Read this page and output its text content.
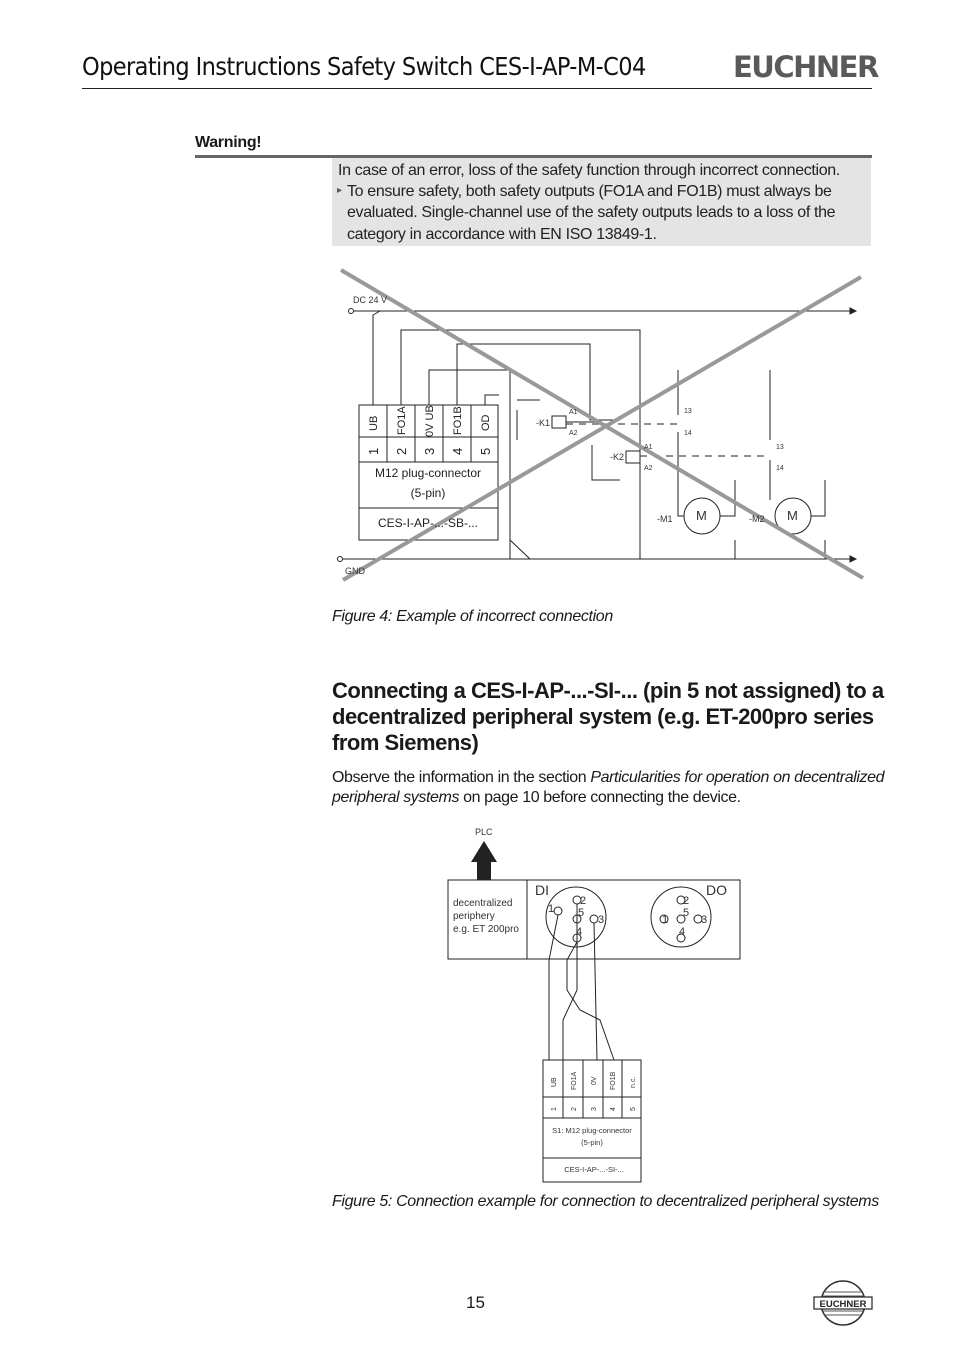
Operating Instructions Safety Switch CES-I-AP-M-C04	EUCHNER
Warning!
In case of an error, loss of the safety function through incorrect connection.
▸ To ensure safety, both safety outputs (FO1A and FO1B) must always be
evaluated. Single-channel use of the safety outputs leads to a loss of the
category in accordance with EN ISO 13849-1.
DC 24 V
GND
-K1
-K2
A1
A2
A1
A2
13
14
13
14
-M1	-M2
M	M
UB FO1A 0V UB FO1B OD
1 2 3 4 5
M12 plug-connector
(5-pin)
CES-I-AP-...-SB-...
Figure 4: Example of incorrect connection
Connecting a CES-I-AP-...-SI-... (pin 5 not assigned) to a decentralized peripheral system (e.g. ET-200pro series from Siemens)
Observe the information in the section Particularities for operation on decentralized
peripheral systems on page 10 before connecting the device.
PLC
decentralized
periphery
e.g. ET 200pro
DI	DO
1
2
3
4
5
1
2
3
4
5
UB FO1A 0V FO1B n.c.
1 2 3 4 5
S1: M12 plug-connector
(5-pin)
CES-I-AP-...-SI-...
Figure 5: Connection example for connection to decentralized peripheral systems
15	EUCHNER
